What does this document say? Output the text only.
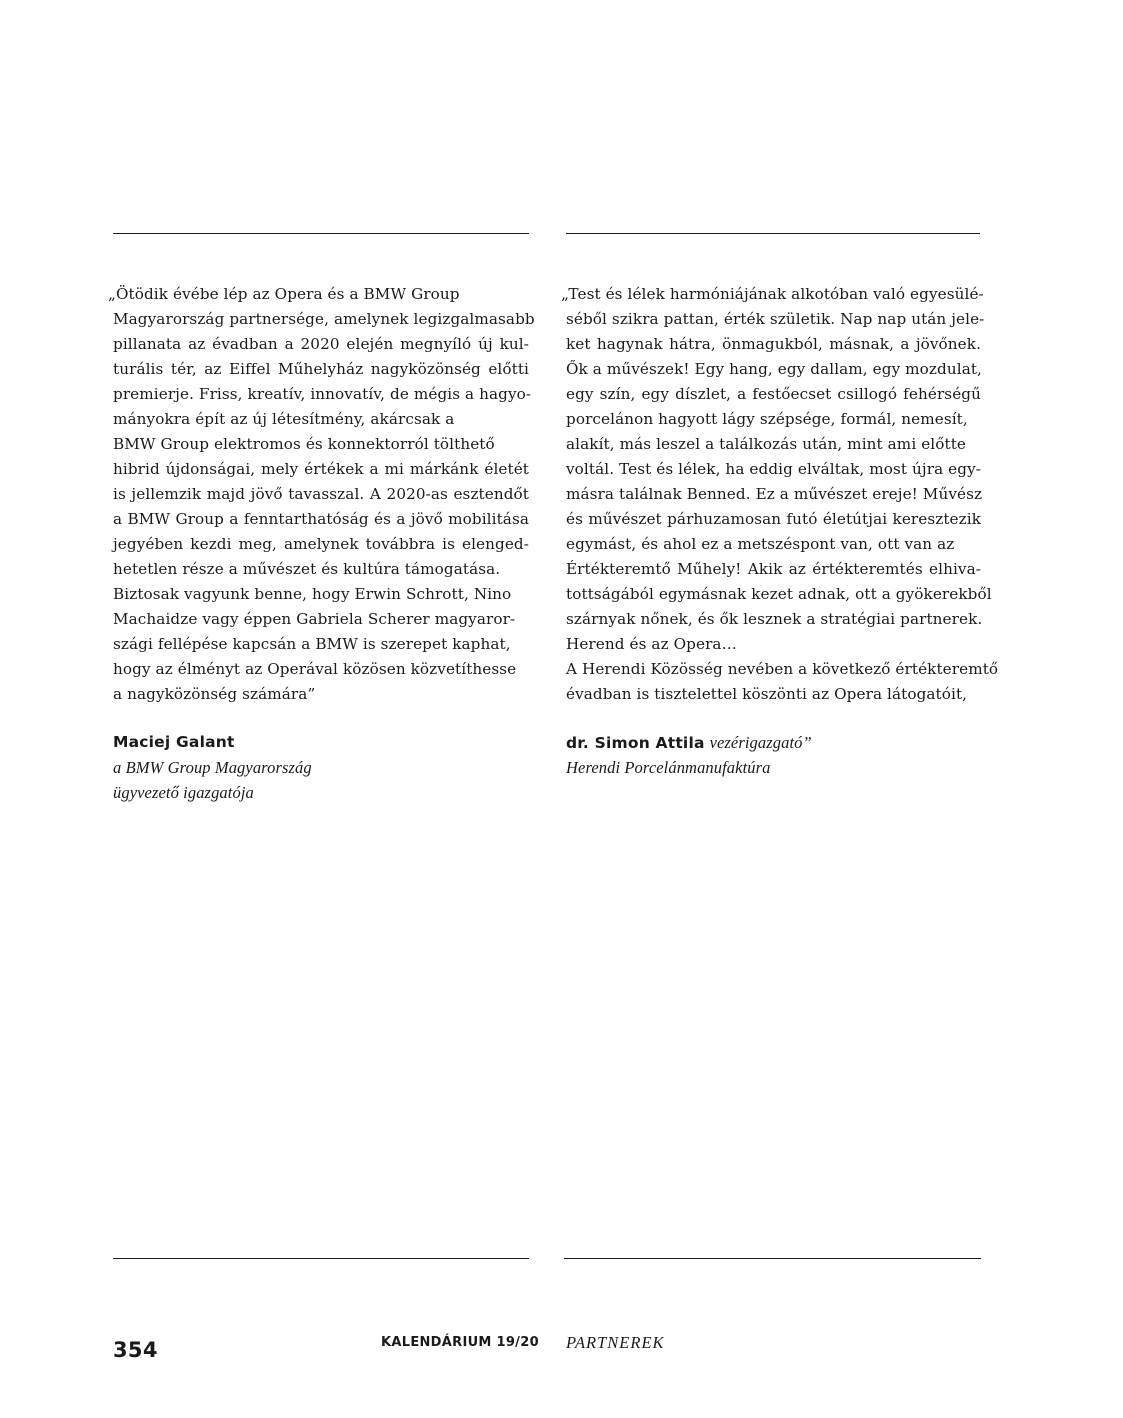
„Ötödik évébe lép az Opera és a BMW Group
Magyarország partnersége, amelynek legizgalmasabb
pillanata az évadban a 2020 elején megnyíló új kul-
turális tér, az Eiffel Műhelyház nagyközönség előtti
premierje. Friss, kreatív, innovatív, de mégis a hagyo-
mányokra épít az új létesítmény, akárcsak a
BMW Group elektromos és konnektorról tölthető
hibrid újdonságai, mely értékek a mi márkánk életét
is jellemzik majd jövő tavasszal. A 2020-as esztendőt
a BMW Group a fenntarthatóság és a jövő mobilitása
jegyében kezdi meg, amelynek továbbra is elenged-
hetetlen része a művészet és kultúra támogatása.
Biztosak vagyunk benne, hogy Erwin Schrott, Nino
Machaidze vagy éppen Gabriela Scherer magyaror-
szági fellépése kapcsán a BMW is szerepet kaphat,
hogy az élményt az Operával közösen közvetíthesse
a nagyközönség számára”
Maciej Galant
a BMW Group Magyarország
ügyvezető igazgatója
„Test és lélek harmóniájának alkotóban való egyesülé-
séből szikra pattan, érték születik. Nap nap után jele-
ket hagynak hátra, önmagukból, másnak, a jövőnek.
Ők a művészek! Egy hang, egy dallam, egy mozdulat,
egy szín, egy díszlet, a festőecset csillogó fehérségű
porcelánon hagyott lágy szépsége, formál, nemesít,
alakít, más leszel a találkozás után, mint ami előtte
voltál. Test és lélek, ha eddig elváltak, most újra egy-
másra találnak Benned. Ez a művészet ereje! Művész
és művészet párhuzamosan futó életútjai keresztezik
egymást, és ahol ez a metszéspont van, ott van az
Értékteremtő Műhely! Akik az értékteremtés elhiva-
tottságából egymásnak kezet adnak, ott a gyökerekből
szárnyak nőnek, és ők lesznek a stratégiai partnerek.
Herend és az Opera…
A Herendi Közösség nevében a következő értékteremtő
évadban is tisztelettel köszönti az Opera látogatóit,
dr. Simon Attila vezérigazgató”
Herendi Porcelánmanufaktúra
354	KALENDÁRIUM 19/20 PARTNEREK
